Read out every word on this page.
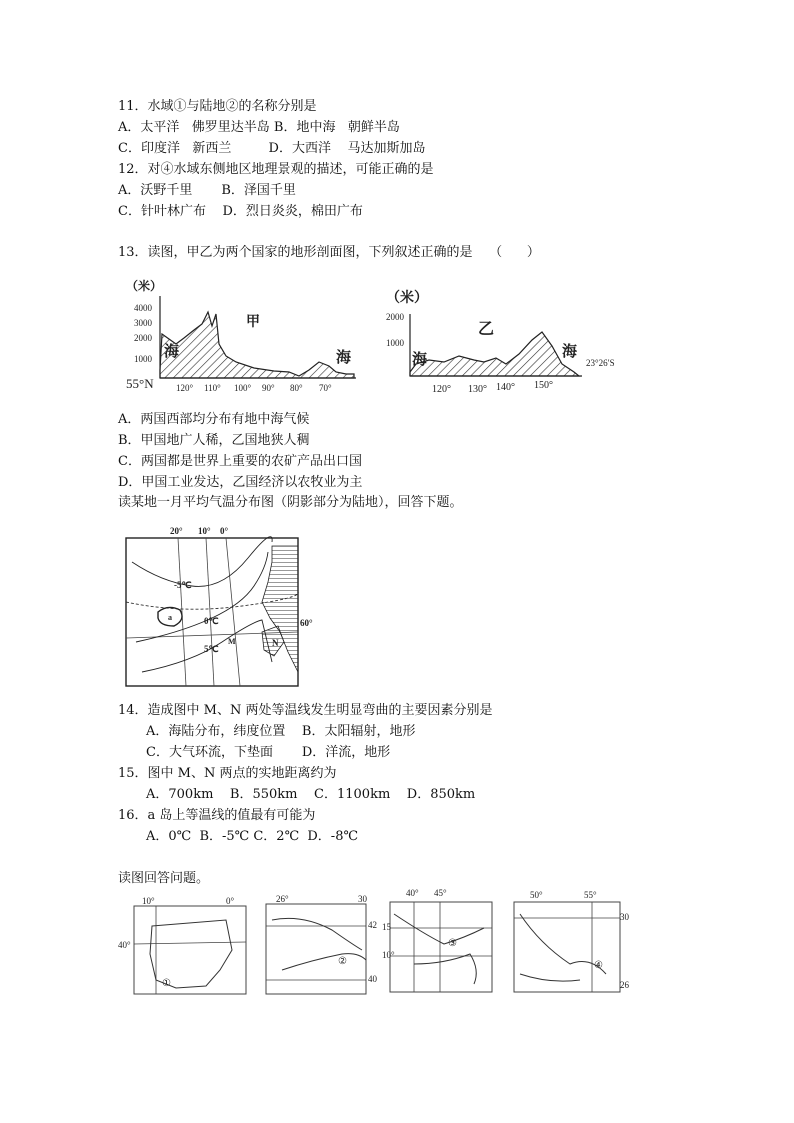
11．水域①与陆地②的名称分别是
A．太平洋   佛罗里达半岛 B．地中海   朝鲜半岛
C．印度洋   新西兰         D．大西洋    马达加斯加岛
12．对④水域东侧地区地理景观的描述，可能正确的是
A．沃野千里       B．泽国千里
C．针叶林广布    D．烈日炎炎，棉田广布
13．读图，甲乙为两个国家的地形剖面图，下列叙述正确的是    （      ）
（米）
4000
3000
2000
1000 海	海
甲
55°N 120° 110° 100° 90° 80° 70°
（米）
2000
1000
海	海
乙
23°26′S
120° 130° 140° 150°
A．两国西部均分布有地中海气候
B．甲国地广人稀，乙国地狭人稠
C．两国都是世界上重要的农矿产品出口国
D．甲国工业发达，乙国经济以农牧业为主
读某地一月平均气温分布图（阴影部分为陆地），回答下题。
20° 10° 0°
a
-5℃
0℃
5℃
M	N
60°
14．造成图中 M、N 两处等温线发生明显弯曲的主要因素分别是
A．海陆分布，纬度位置    B．太阳辐射，地形
C．大气环流，下垫面       D．洋流，地形
15．图中 M、N 两点的实地距离约为
A．700km    B．550km    C．1100km    D．850km
16．a 岛上等温线的值最有可能为
A．0℃  B．-5℃ C．2℃  D．-8℃
读图回答问题。
10°	0°
40°
①
26°	30
42
40
②
40° 45°
15
10°
③
50°	55°
30
26
④
